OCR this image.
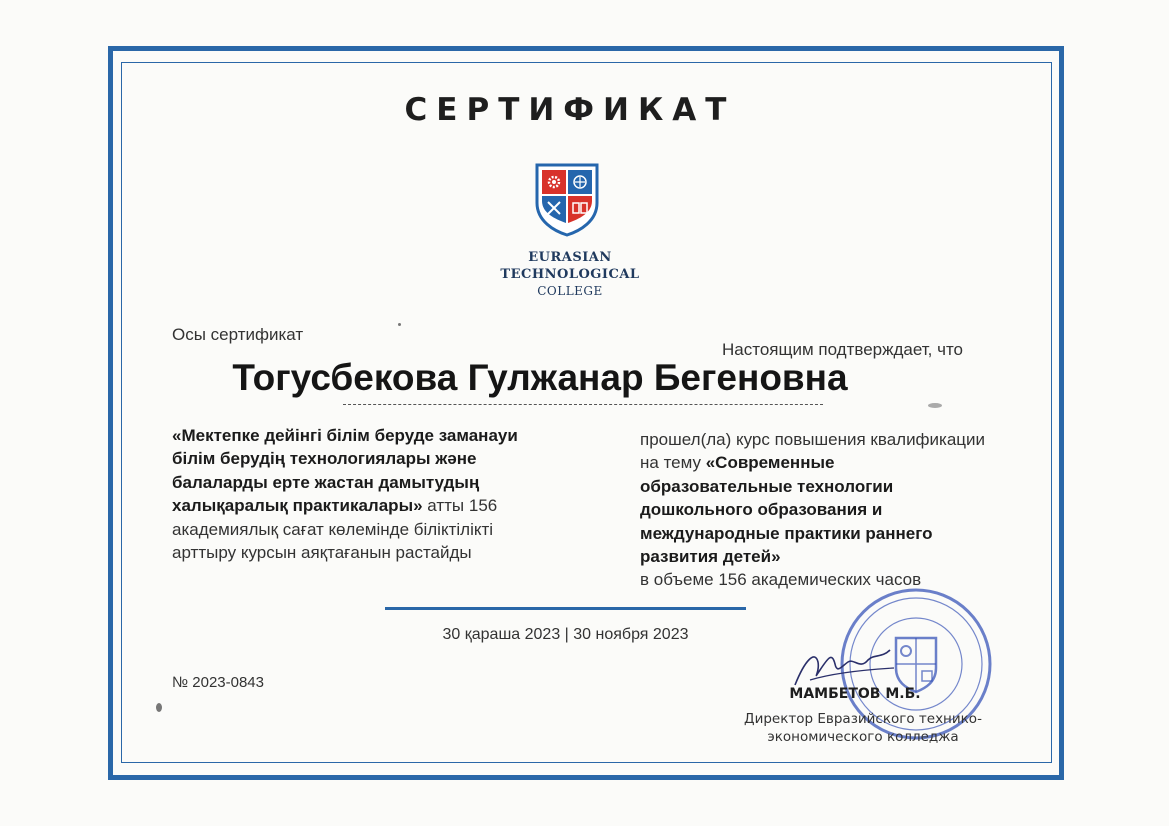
СЕРТИФИКАТ
EURASIAN
TECHNOLOGICAL
COLLEGE
Осы сертификат
Настоящим подтверждает, что
Тогусбекова Гулжанар Бегеновна
«Мектепке дейінгі білім беруде заманауи білім берудің технологиялары және балаларды ерте жастан дамытудың халықаралық практикалары» атты 156 академиялық сағат көлемінде біліктілікті арттыру курсын аяқтағанын растайды
прошел(ла) курс повышения квалификации на тему «Современные образовательные технологии дошкольного образования и международные практики раннего развития детей»
в объеме 156 академических часов
30 қараша 2023 | 30 ноября 2023
№ 2023-0843
МАМБЕТОВ М.Б.
Директор Евразийского технико-экономического колледжа
